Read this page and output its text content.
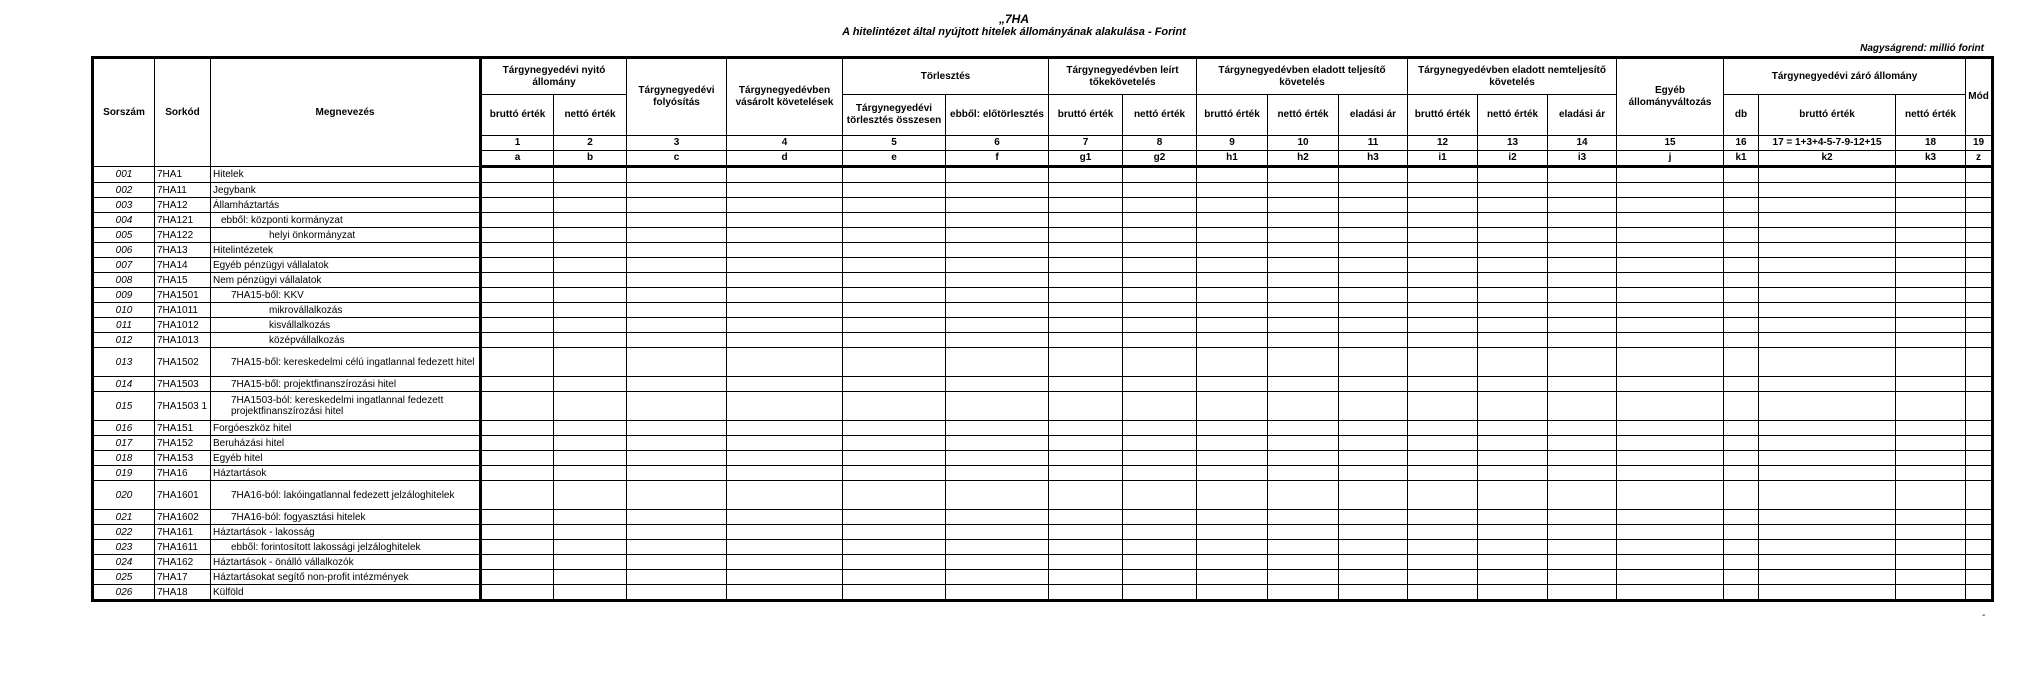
„7HA
A hitelintézet által nyújtott hitelek állományának alakulása - Forint
Nagyságrend: millió forint
Sorszám	Sorkód	Megnevezés	Tárgynegyedévi nyitó állomány		Tárgynegyedévi folyósítás	Tárgynegyedévben vásárolt követelések	Törlesztés		Tárgynegyedévben leírt tőkekövetelés		Tárgynegyedévben eladott teljesítő követelés			Tárgynegyedévben eladott nemteljesítő követelés			Egyéb állományváltozás	Tárgynegyedévi záró állomány			Mód
			bruttó érték	nettó érték			Tárgynegyedévi törlesztés összesen	ebből: előtörlesztés	bruttó érték	nettó érték	bruttó érték	nettó érték	eladási ár	bruttó érték	nettó érték	eladási ár		db	bruttó érték	nettó érték	
			1	2	3	4	5	6	7	8	9	10	11	12	13	14	15	16	17 = 1+3+4-5-7-9-12+15	18	19
			a	b	c	d	e	f	g1	g2	h1	h2	h3	i1	i2	i3	j	k1	k2	k3	z
001	7HA1	Hitelek																			
002	7HA11	Jegybank																			
003	7HA12	Államháztartás																			
004	7HA121	ebből: központi kormányzat																			
005	7HA122	helyi önkormányzat																			
006	7HA13	Hitelintézetek																			
007	7HA14	Egyéb pénzügyi vállalatok																			
008	7HA15	Nem pénzügyi vállalatok																			
009	7HA1501	7HA15-ből: KKV																			
010	7HA1011	mikrovállalkozás																			
011	7HA1012	kisvállalkozás																			
012	7HA1013	középvállalkozás																			
013	7HA1502	7HA15-ből: kereskedelmi célú ingatlannal fedezett hitel																			
014	7HA1503	7HA15-ből: projektfinanszírozási hitel																			
015	7HA1503 1	7HA1503-ból: kereskedelmi ingatlannal fedezett projektfinanszírozási hitel																			
016	7HA151	Forgóeszköz hitel																			
017	7HA152	Beruházási hitel																			
018	7HA153	Egyéb hitel																			
019	7HA16	Háztartások																			
020	7HA1601	7HA16-ból: lakóingatlannal fedezett jelzáloghitelek																			
021	7HA1602	7HA16-ból: fogyasztási hitelek																			
022	7HA161	Háztartások - lakosság																			
023	7HA1611	ebből: forintosított lakossági jelzáloghitelek																			
024	7HA162	Háztartások - önálló vállalkozók																			
025	7HA17	Háztartásokat segítő non-profit intézmények																			
026	7HA18	Külföld																			
-
